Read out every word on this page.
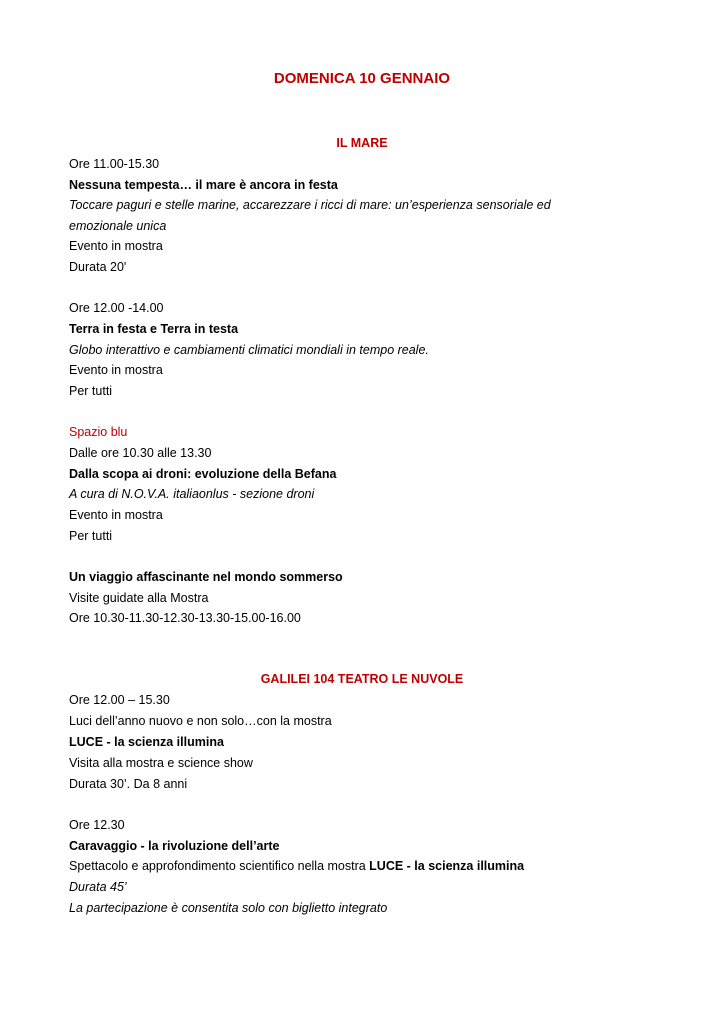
DOMENICA 10 GENNAIO
IL MARE
Ore 11.00-15.30
Nessuna tempesta… il mare è ancora in festa
Toccare paguri e stelle marine, accarezzare i ricci di mare: un’esperienza sensoriale ed
emozionale unica
Evento in mostra
Durata 20'
Ore 12.00 -14.00
Terra in festa e Terra in testa
Globo interattivo e cambiamenti climatici mondiali in tempo reale.
Evento in mostra
Per tutti
Spazio blu
Dalle ore 10.30 alle 13.30
Dalla scopa ai droni: evoluzione della Befana
A cura di N.O.V.A. italiaonlus - sezione droni
Evento in mostra
Per tutti
Un viaggio affascinante nel mondo sommerso
Visite guidate alla Mostra
Ore 10.30-11.30-12.30-13.30-15.00-16.00
GALILEI 104 TEATRO LE NUVOLE
Ore 12.00 – 15.30
Luci dell’anno nuovo e non solo…con la mostra
LUCE - la scienza illumina
Visita alla mostra e science show
Durata 30’. Da 8 anni
Ore 12.30
Caravaggio - la rivoluzione dell’arte
Spettacolo e approfondimento scientifico nella mostra LUCE - la scienza illumina
Durata 45’
La partecipazione è consentita solo con biglietto integrato
